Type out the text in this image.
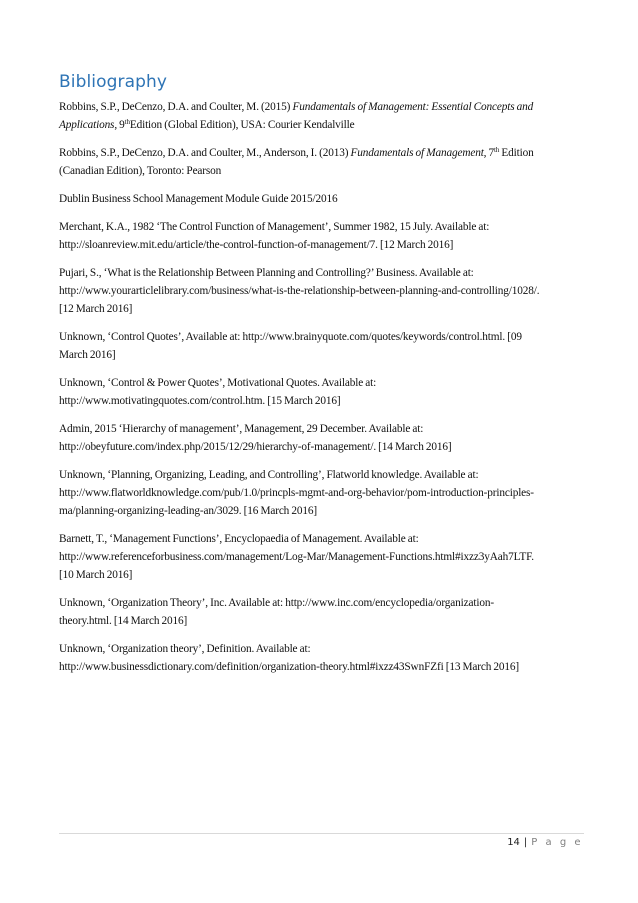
Bibliography

Robbins, S.P., DeCenzo, D.A. and Coulter, M. (2015) Fundamentals of Management: Essential Concepts and
Applications, 9thEdition (Global Edition), USA: Courier Kendalville

Robbins, S.P., DeCenzo, D.A. and Coulter, M., Anderson, I. (2013) Fundamentals of Management, 7th Edition
(Canadian Edition), Toronto: Pearson

Dublin Business School Management Module Guide 2015/2016

Merchant, K.A., 1982 ‘The Control Function of Management’, Summer 1982, 15 July. Available at:
http://sloanreview.mit.edu/article/the-control-function-of-management/7. [12 March 2016]

Pujari, S., ‘What is the Relationship Between Planning and Controlling?’ Business. Available at:
http://www.yourarticlelibrary.com/business/what-is-the-relationship-between-planning-and-controlling/1028/.
[12 March 2016]

Unknown, ‘Control Quotes’, Available at: http://www.brainyquote.com/quotes/keywords/control.html. [09
March 2016]

Unknown, ‘Control & Power Quotes’, Motivational Quotes. Available at:
http://www.motivatingquotes.com/control.htm. [15 March 2016]

Admin, 2015 ‘Hierarchy of management’, Management, 29 December. Available at:
http://obeyfuture.com/index.php/2015/12/29/hierarchy-of-management/. [14 March 2016]

Unknown, ‘Planning, Organizing, Leading, and Controlling’, Flatworld knowledge. Available at:
http://www.flatworldknowledge.com/pub/1.0/princpls-mgmt-and-org-behavior/pom-introduction-principles-
ma/planning-organizing-leading-an/3029. [16 March 2016]

Barnett, T., ‘Management Functions’, Encyclopaedia of Management. Available at:
http://www.referenceforbusiness.com/management/Log-Mar/Management-Functions.html#ixzz3yAah7LTF.
[10 March 2016]

Unknown, ‘Organization Theory’, Inc. Available at: http://www.inc.com/encyclopedia/organization-
theory.html. [14 March 2016]

Unknown, ‘Organization theory’, Definition. Available at:
http://www.businessdictionary.com/definition/organization-theory.html#ixzz43SwnFZfi [13 March 2016]

14 | P a g e
